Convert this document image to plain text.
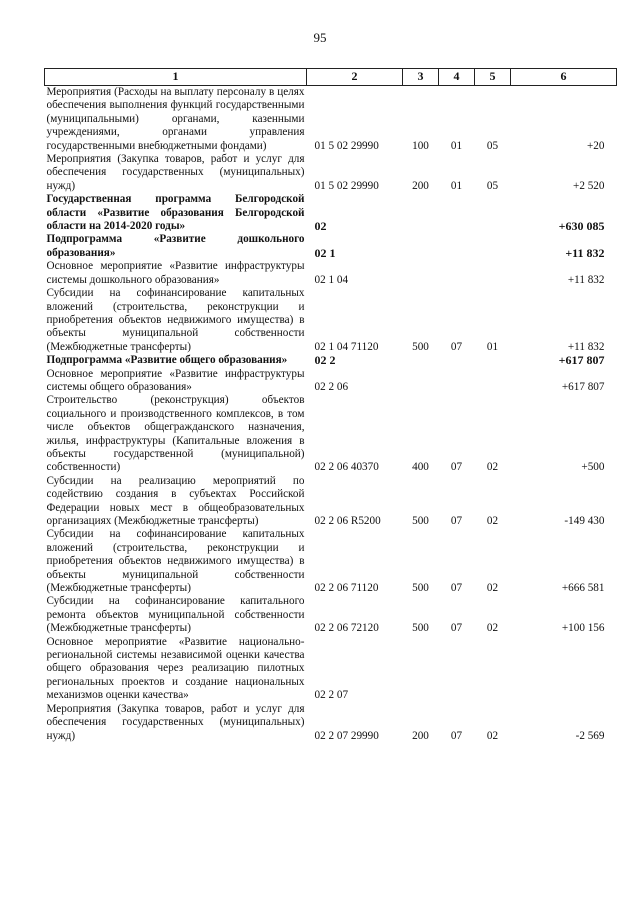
95
1	2	3	4	5	6
Мероприятия (Расходы на выплату персоналу в целях обеспечения выполнения функций государственными (муниципальными) органами, казенными учреждениями, органами управления государственными внебюджетными фондами)	01 5 02 29990	100	01	05	+20
Мероприятия (Закупка товаров, работ и услуг для обеспечения государственных (муниципальных) нужд)	01 5 02 29990	200	01	05	+2 520
Государственная программа Белгородской области «Развитие образования Белгородской области на 2014-2020 годы»	02				+630 085
Подпрограмма «Развитие дошкольного образования»	02 1				+11 832
Основное мероприятие «Развитие инфраструктуры системы дошкольного образования»	02 1 04				+11 832
Субсидии на софинансирование капитальных вложений (строительства, реконструкции и приобретения объектов недвижимого имущества) в объекты муниципальной собственности (Межбюджетные трансферты)	02 1 04 71120	500	07	01	+11 832
Подпрограмма «Развитие общего образования»	02 2				+617 807
Основное мероприятие «Развитие инфраструктуры системы общего образования»	02 2 06				+617 807
Строительство (реконструкция) объектов социального и производственного комплексов, в том числе объектов общегражданского назначения, жилья, инфраструктуры (Капитальные вложения в объекты государственной (муниципальной) собственности)	02 2 06 40370	400	07	02	+500
Субсидии на реализацию мероприятий по содействию создания в субъектах Российской Федерации новых мест в общеобразовательных организациях (Межбюджетные трансферты)	02 2 06 R5200	500	07	02	-149 430
Субсидии на софинансирование капитальных вложений (строительства, реконструкции и приобретения объектов недвижимого имущества) в объекты муниципальной собственности (Межбюджетные трансферты)	02 2 06 71120	500	07	02	+666 581
Субсидии на софинансирование капитального ремонта объектов муниципальной собственности (Межбюджетные трансферты)	02 2 06 72120	500	07	02	+100 156
Основное мероприятие «Развитие национально-региональной системы независимой оценки качества общего образования через реализацию пилотных региональных проектов и создание национальных механизмов оценки качества»	02 2 07				
Мероприятия (Закупка товаров, работ и услуг для обеспечения государственных (муниципальных) нужд)	02 2 07 29990	200	07	02	-2 569
